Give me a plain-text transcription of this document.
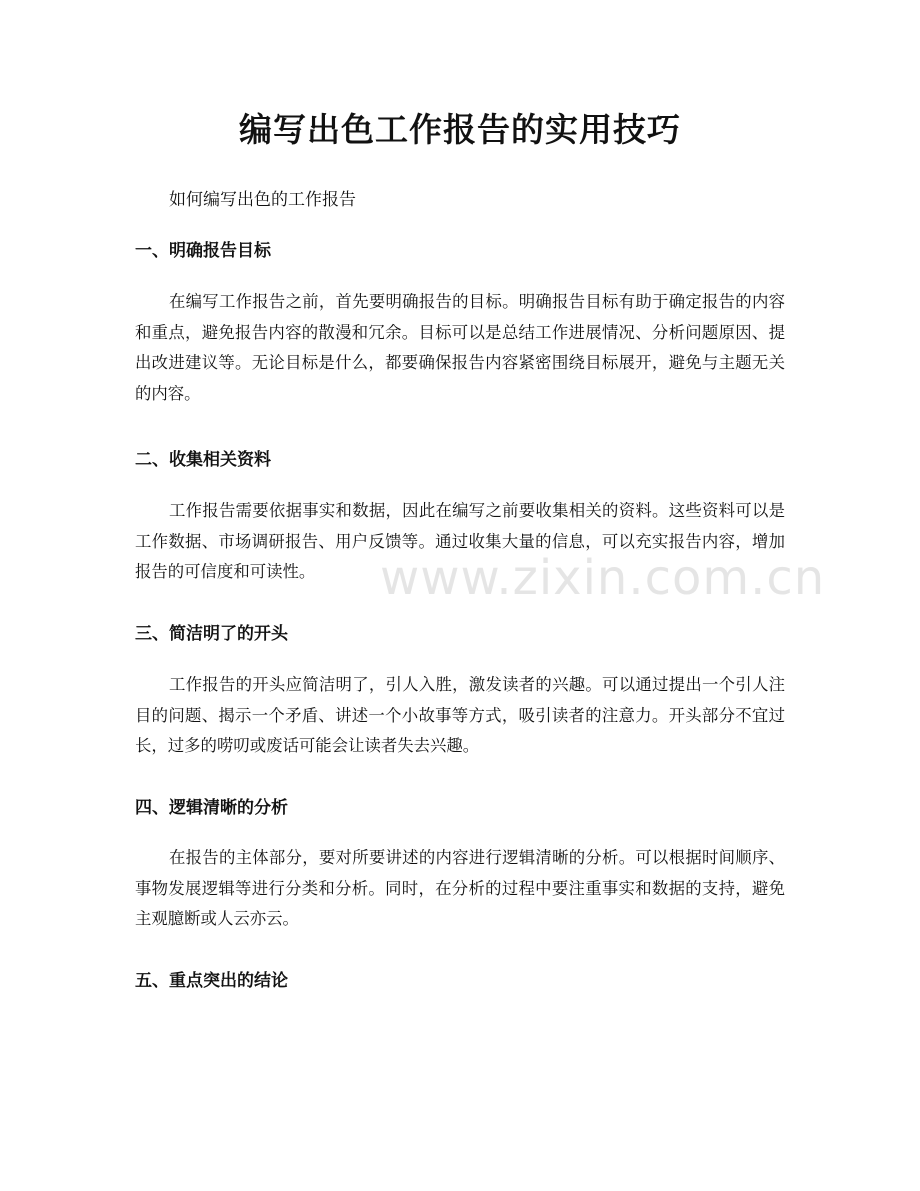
编写出色工作报告的实用技巧

如何编写出色的工作报告

一、明确报告目标

在编写工作报告之前，首先要明确报告的目标。明确报告目标有助于确定报告的内容和重点，避免报告内容的散漫和冗余。目标可以是总结工作进展情况、分析问题原因、提出改进建议等。无论目标是什么，都要确保报告内容紧密围绕目标展开，避免与主题无关的内容。

二、收集相关资料

工作报告需要依据事实和数据，因此在编写之前要收集相关的资料。这些资料可以是工作数据、市场调研报告、用户反馈等。通过收集大量的信息，可以充实报告内容，增加报告的可信度和可读性。

三、简洁明了的开头

工作报告的开头应简洁明了，引人入胜，激发读者的兴趣。可以通过提出一个引人注目的问题、揭示一个矛盾、讲述一个小故事等方式，吸引读者的注意力。开头部分不宜过长，过多的唠叨或废话可能会让读者失去兴趣。

四、逻辑清晰的分析

在报告的主体部分，要对所要讲述的内容进行逻辑清晰的分析。可以根据时间顺序、事物发展逻辑等进行分类和分析。同时，在分析的过程中要注重事实和数据的支持，避免主观臆断或人云亦云。

五、重点突出的结论
www.zixin.com.cn
